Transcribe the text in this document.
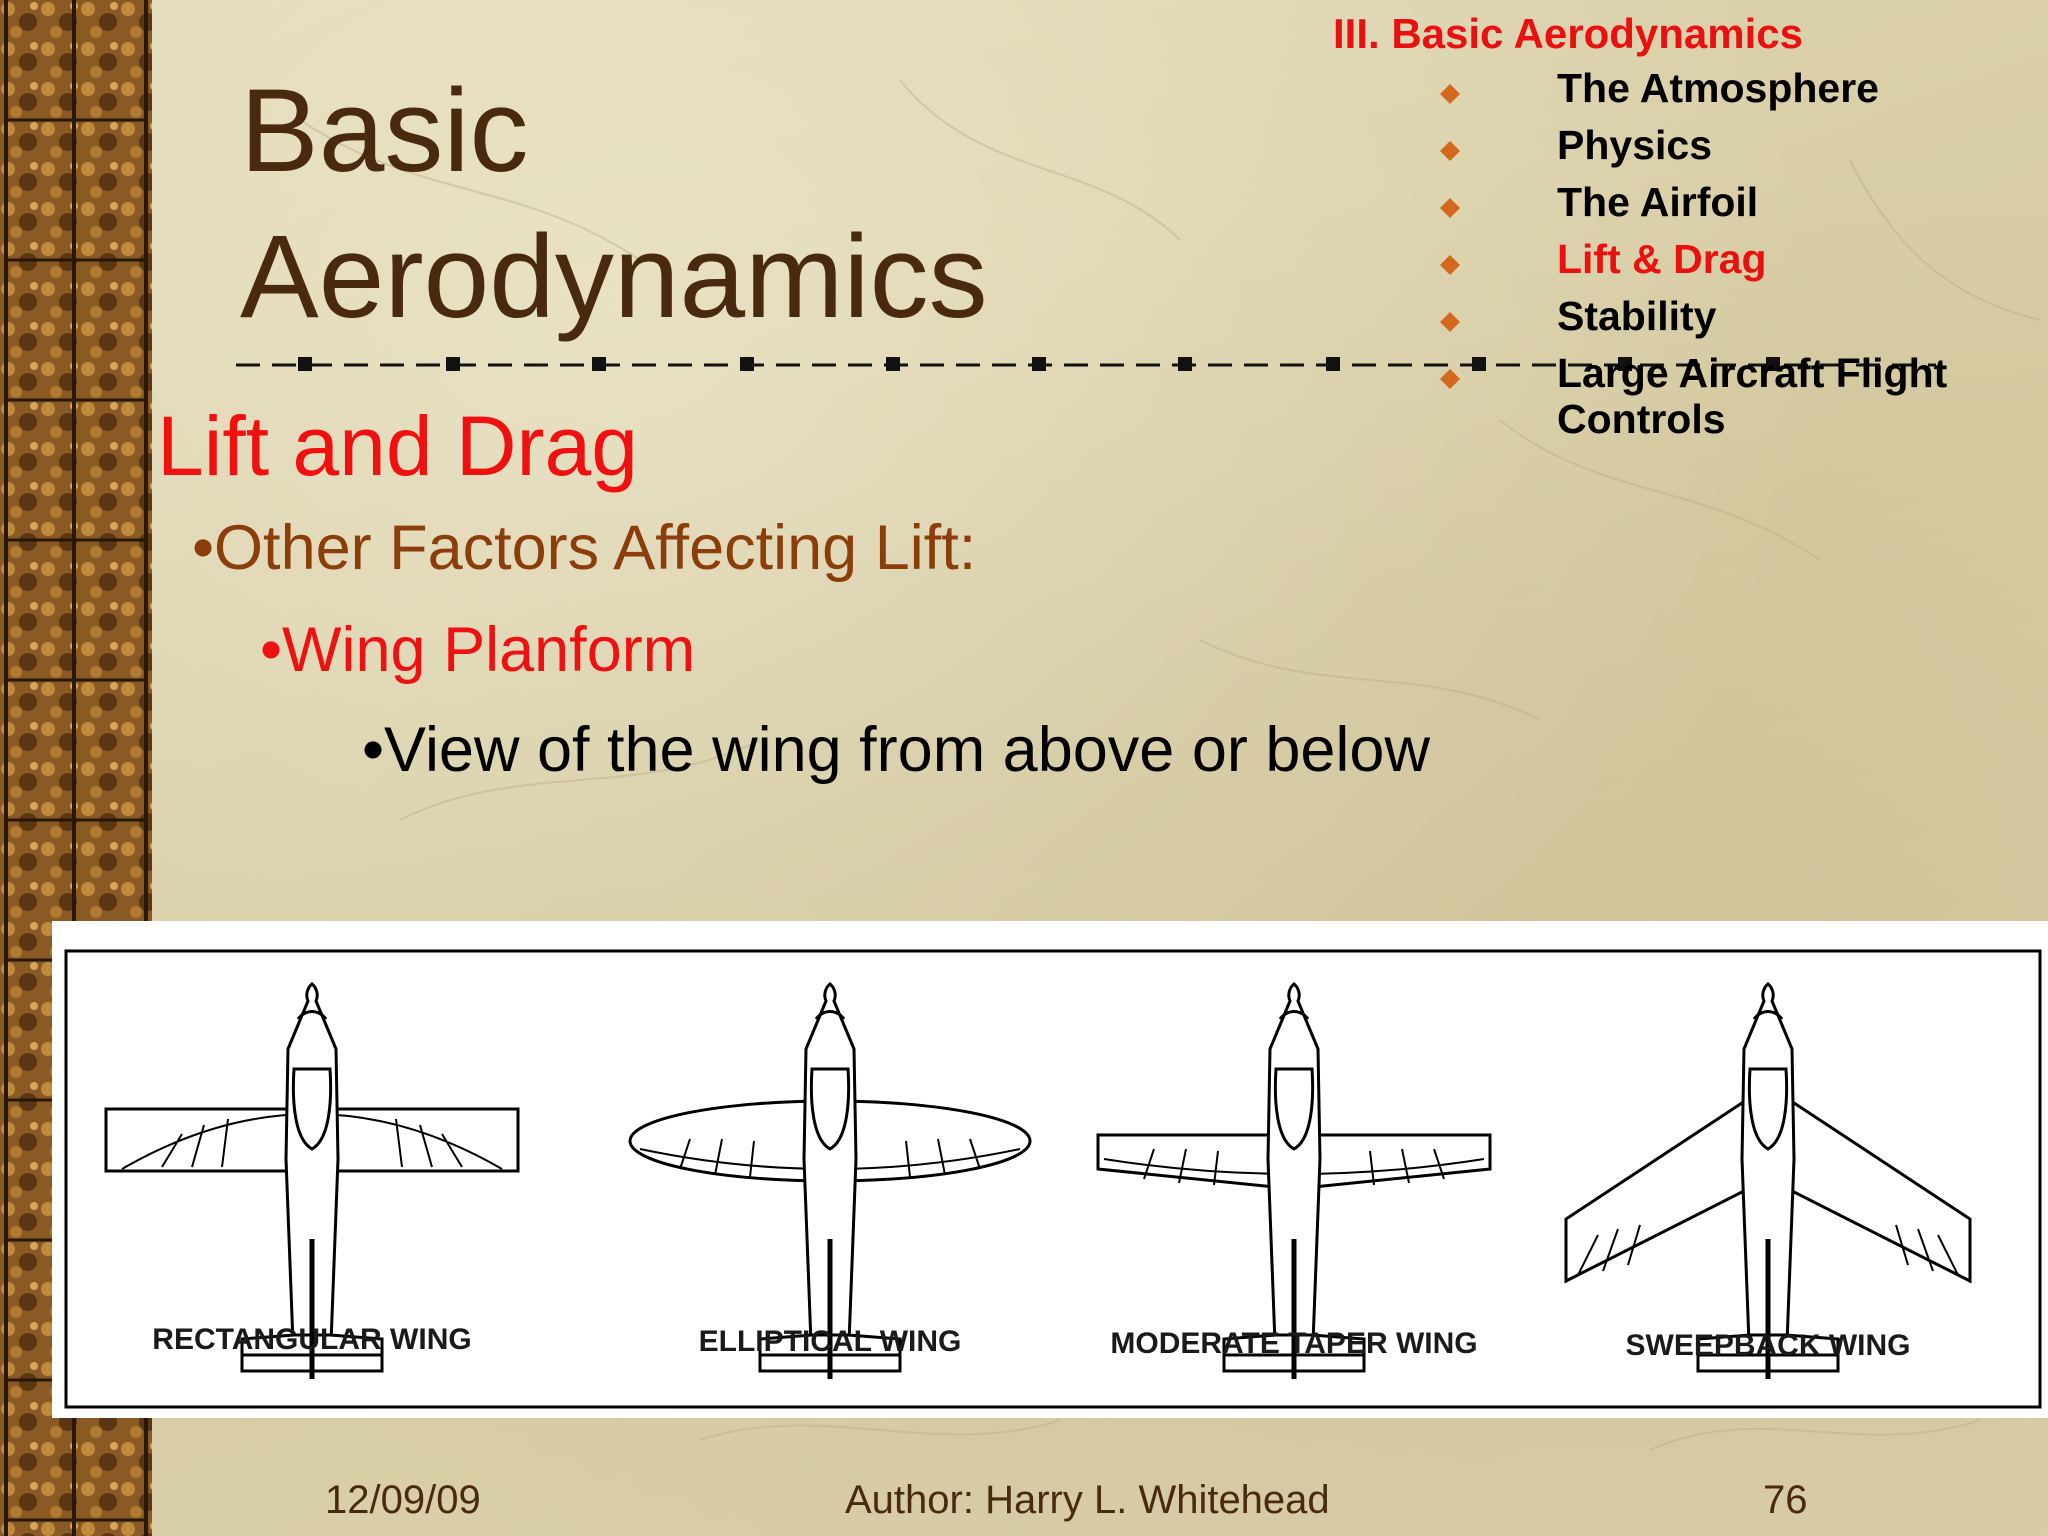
Basic
Aerodynamics
III. Basic Aerodynamics
The Atmosphere
Physics
The Airfoil
Lift & Drag
Stability
Large Aircraft Flight Controls
Lift and Drag
•Other Factors Affecting Lift:
•Wing Planform
•View of the wing from above or below
RECTANGULAR WING	ELLIPTICAL WING	MODERATE TAPER WING	SWEEPBACK WING
12/09/09	Author: Harry L. Whitehead	76
